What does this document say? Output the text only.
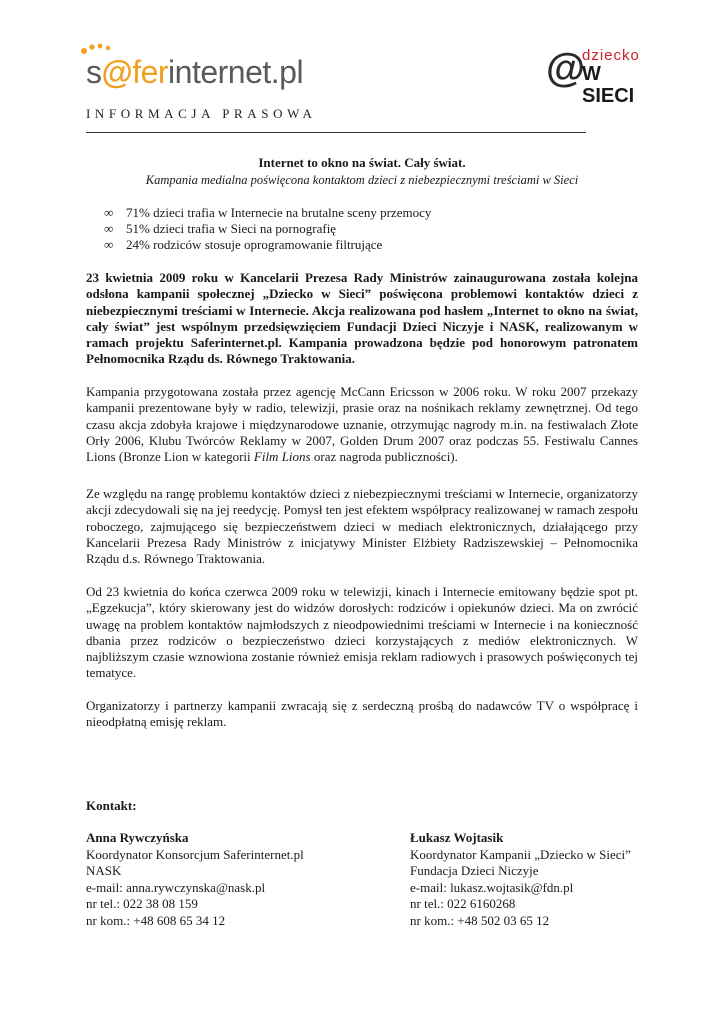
s@ferinternet.pl	@
dziecko
W SIECI
INFORMACJA PRASOWA
Internet to okno na świat. Cały świat.
Kampania medialna poświęcona kontaktom dzieci z niebezpiecznymi treściami w Sieci
∞ 71% dzieci trafia w Internecie na brutalne sceny przemocy
∞ 51% dzieci trafia w Sieci na pornografię
∞ 24% rodziców stosuje oprogramowanie filtrujące

23 kwietnia 2009 roku w Kancelarii Prezesa Rady Ministrów zainaugurowana została kolejna odsłona kampanii społecznej „Dziecko w Sieci” poświęcona problemowi kontaktów dzieci z niebezpiecznymi treściami w Internecie. Akcja realizowana pod hasłem „Internet to okno na świat, cały świat” jest wspólnym przedsięwzięciem Fundacji Dzieci Niczyje i NASK, realizowanym w ramach projektu Saferinternet.pl. Kampania prowadzona będzie pod honorowym patronatem Pełnomocnika Rządu ds. Równego Traktowania.

Kampania przygotowana została przez agencję McCann Ericsson w 2006 roku. W roku 2007 przekazy kampanii prezentowane były w radio, telewizji, prasie oraz na nośnikach reklamy zewnętrznej. Od tego czasu akcja zdobyła krajowe i międzynarodowe uznanie, otrzymując nagrody m.in. na festiwalach Złote Orły 2006, Klubu Twórców Reklamy w 2007, Golden Drum 2007 oraz podczas 55. Festiwalu Cannes Lions (Bronze Lion w kategorii Film Lions oraz nagroda publiczności).

Ze względu na rangę problemu kontaktów dzieci z niebezpiecznymi treściami w Internecie, organizatorzy akcji zdecydowali się na jej reedycję. Pomysł ten jest efektem współpracy realizowanej w ramach zespołu roboczego, zajmującego się bezpieczeństwem dzieci w mediach elektronicznych, działającego przy Kancelarii Prezesa Rady Ministrów z inicjatywy Minister Elżbiety Radziszewskiej – Pełnomocnika Rządu d.s. Równego Traktowania.

Od 23 kwietnia do końca czerwca 2009 roku w telewizji, kinach i Internecie emitowany będzie spot pt. „Egzekucja”, który skierowany jest do widzów dorosłych: rodziców i opiekunów dzieci. Ma on zwrócić uwagę na problem kontaktów najmłodszych z nieodpowiednimi treściami w Internecie i na konieczność dbania przez rodziców o bezpieczeństwo dzieci korzystających z mediów elektronicznych. W najbliższym czasie wznowiona zostanie również emisja reklam radiowych i prasowych poświęconych tej tematyce.

Organizatorzy i partnerzy kampanii zwracają się z serdeczną prośbą do nadawców TV o współpracę i nieodpłatną emisję reklam.

Kontakt:
Anna Rywczyńska
Koordynator Konsorcjum Saferinternet.pl
NASK
e-mail: anna.rywczynska@nask.pl
nr tel.: 022 38 08 159
nr kom.: +48 608 65 34 12
Łukasz Wojtasik
Koordynator Kampanii „Dziecko w Sieci”
Fundacja Dzieci Niczyje
e-mail: lukasz.wojtasik@fdn.pl
nr tel.: 022 6160268
nr kom.: +48 502 03 65 12
